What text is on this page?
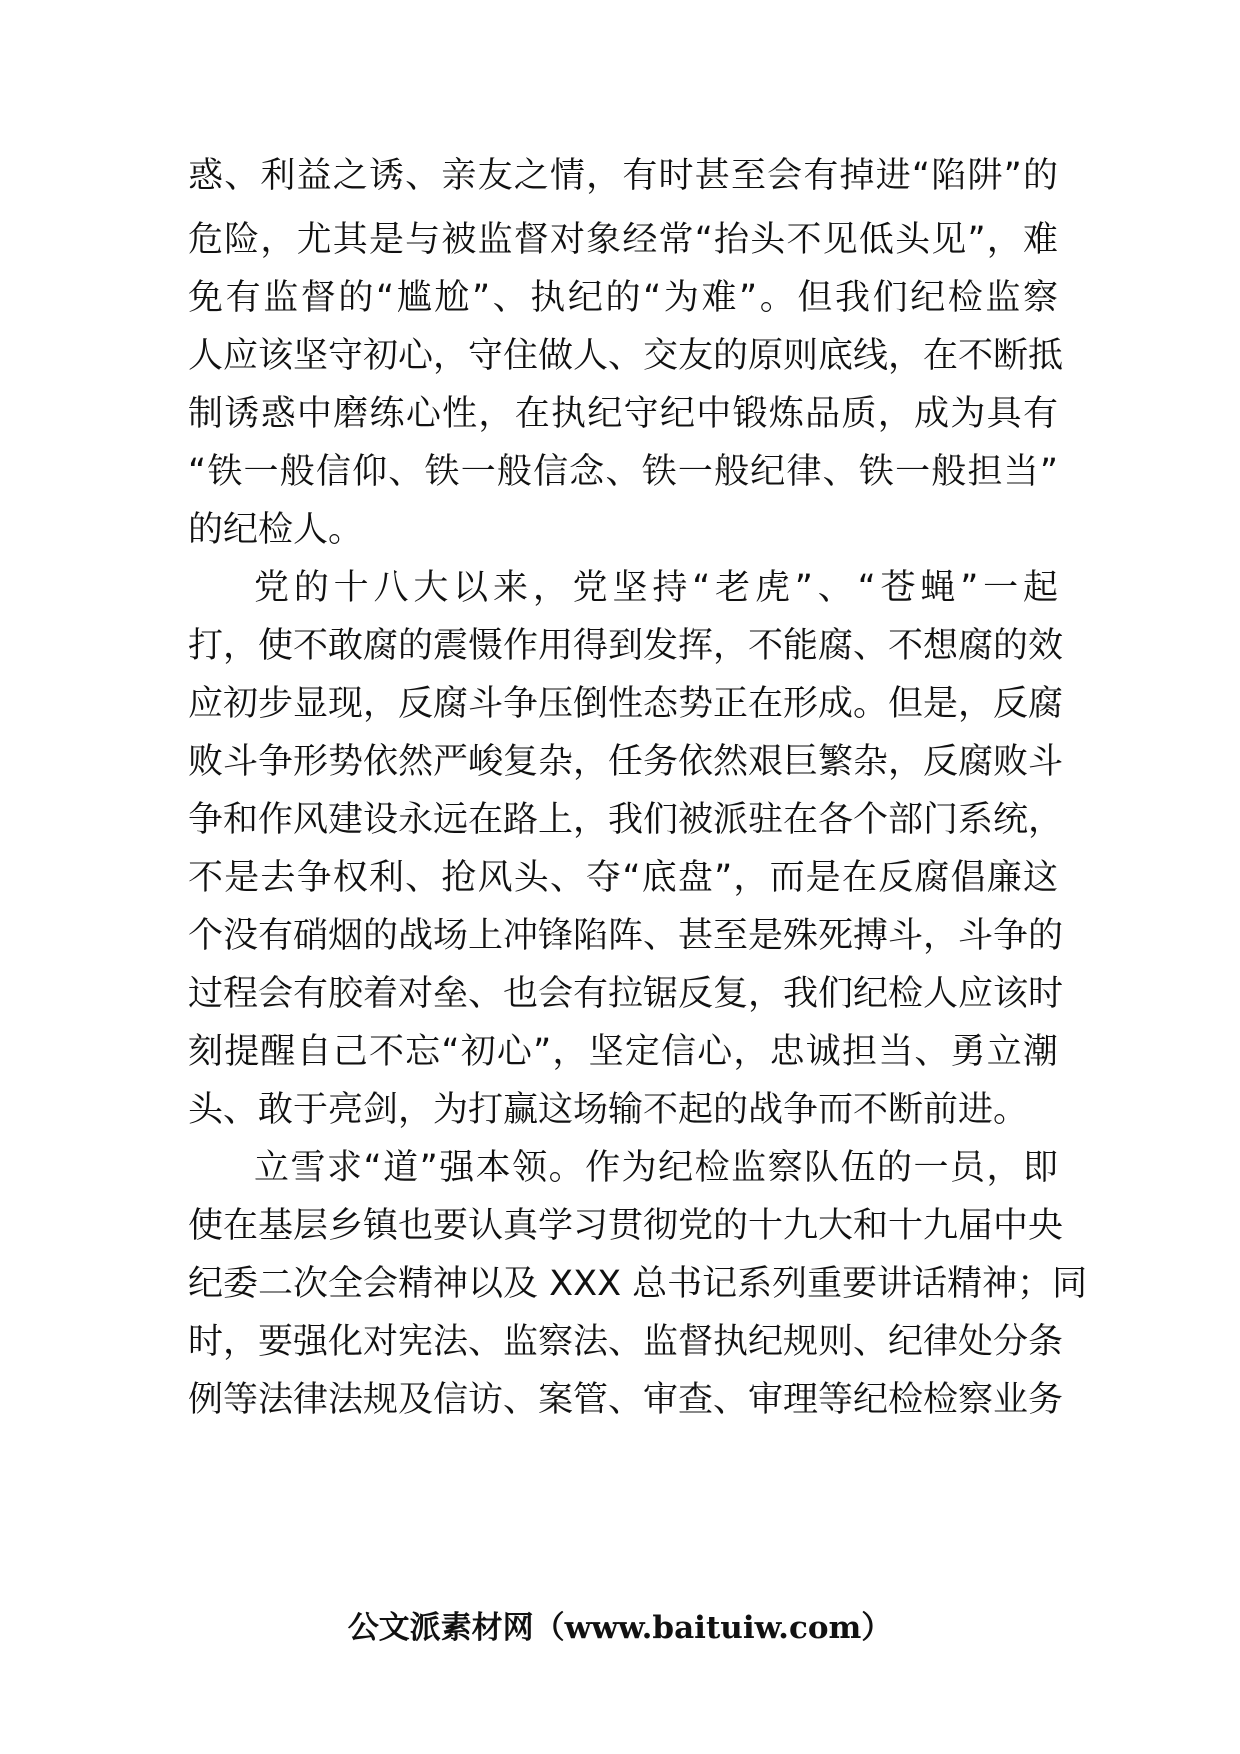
惑、利益之诱、亲友之情，有时甚至会有掉进“陷阱”的
危险，尤其是与被监督对象经常“抬头不见低头见”，难
免有监督的“尴尬”、执纪的“为难”。但我们纪检监察
人应该坚守初心，守住做人、交友的原则底线，在不断抵
制诱惑中磨练心性，在执纪守纪中锻炼品质，成为具有
“铁一般信仰、铁一般信念、铁一般纪律、铁一般担当”
的纪检人。
党的十八大以来，党坚持“老虎”、“苍蝇”一起
打，使不敢腐的震慑作用得到发挥，不能腐、不想腐的效
应初步显现，反腐斗争压倒性态势正在形成。但是，反腐
败斗争形势依然严峻复杂，任务依然艰巨繁杂，反腐败斗
争和作风建设永远在路上，我们被派驻在各个部门系统，
不是去争权利、抢风头、夺“底盘”，而是在反腐倡廉这
个没有硝烟的战场上冲锋陷阵、甚至是殊死搏斗，斗争的
过程会有胶着对垒、也会有拉锯反复，我们纪检人应该时
刻提醒自己不忘“初心”，坚定信心，忠诚担当、勇立潮
头、敢于亮剑，为打赢这场输不起的战争而不断前进。
立雪求“道”强本领。作为纪检监察队伍的一员，即
使在基层乡镇也要认真学习贯彻党的十九大和十九届中央
纪委二次全会精神以及 XXX 总书记系列重要讲话精神；同
时，要强化对宪法、监察法、监督执纪规则、纪律处分条
例等法律法规及信访、案管、审查、审理等纪检检察业务
公文派素材网（www.baituiw.com）
